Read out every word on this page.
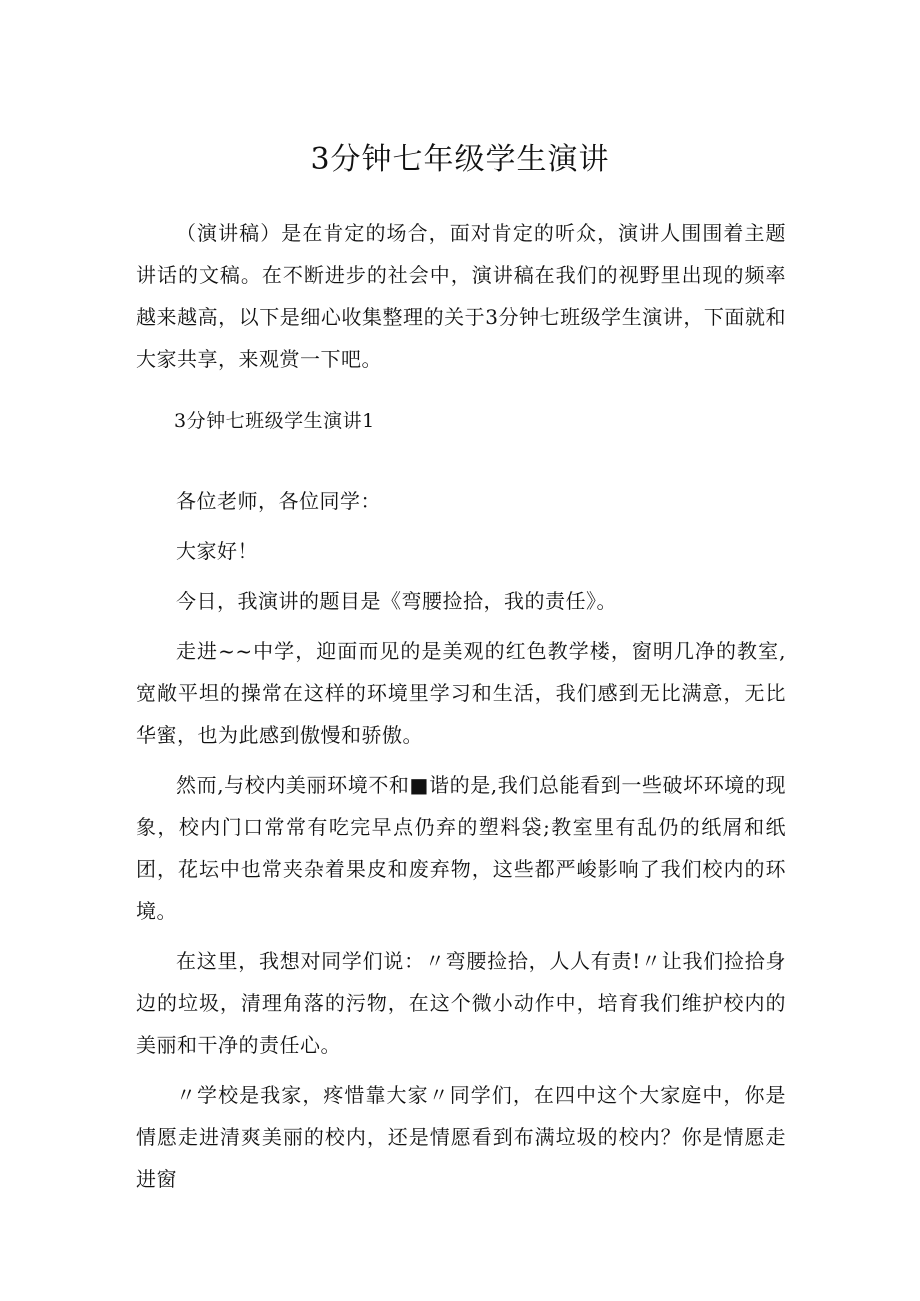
3分钟七年级学生演讲

（演讲稿）是在肯定的场合，面对肯定的听众，演讲人围围着主题讲话的文稿。在不断进步的社会中，演讲稿在我们的视野里出现的频率越来越高，以下是细心收集整理的关于3分钟七班级学生演讲，下面就和大家共享，来观赏一下吧。

3分钟七班级学生演讲1

各位老师，各位同学：

大家好！

今日，我演讲的题目是《弯腰捡拾，我的责任》。

走进~~中学，迎面而见的是美观的红色教学楼，窗明几净的教室,宽敞平坦的操常在这样的环境里学习和生活，我们感到无比满意，无比华蜜，也为此感到傲慢和骄傲。

然而,与校内美丽环境不和■谐的是,我们总能看到一些破坏环境的现象，校内门口常常有吃完早点仍弃的塑料袋;教室里有乱仍的纸屑和纸团，花坛中也常夹杂着果皮和废弃物，这些都严峻影响了我们校内的环境。

在这里，我想对同学们说：〃弯腰捡拾，人人有责!〃让我们捡拾身边的垃圾，清理角落的污物，在这个微小动作中，培育我们维护校内的美丽和干净的责任心。

〃学校是我家，疼惜靠大家〃同学们，在四中这个大家庭中，你是情愿走进清爽美丽的校内，还是情愿看到布满垃圾的校内？你是情愿走进窗
